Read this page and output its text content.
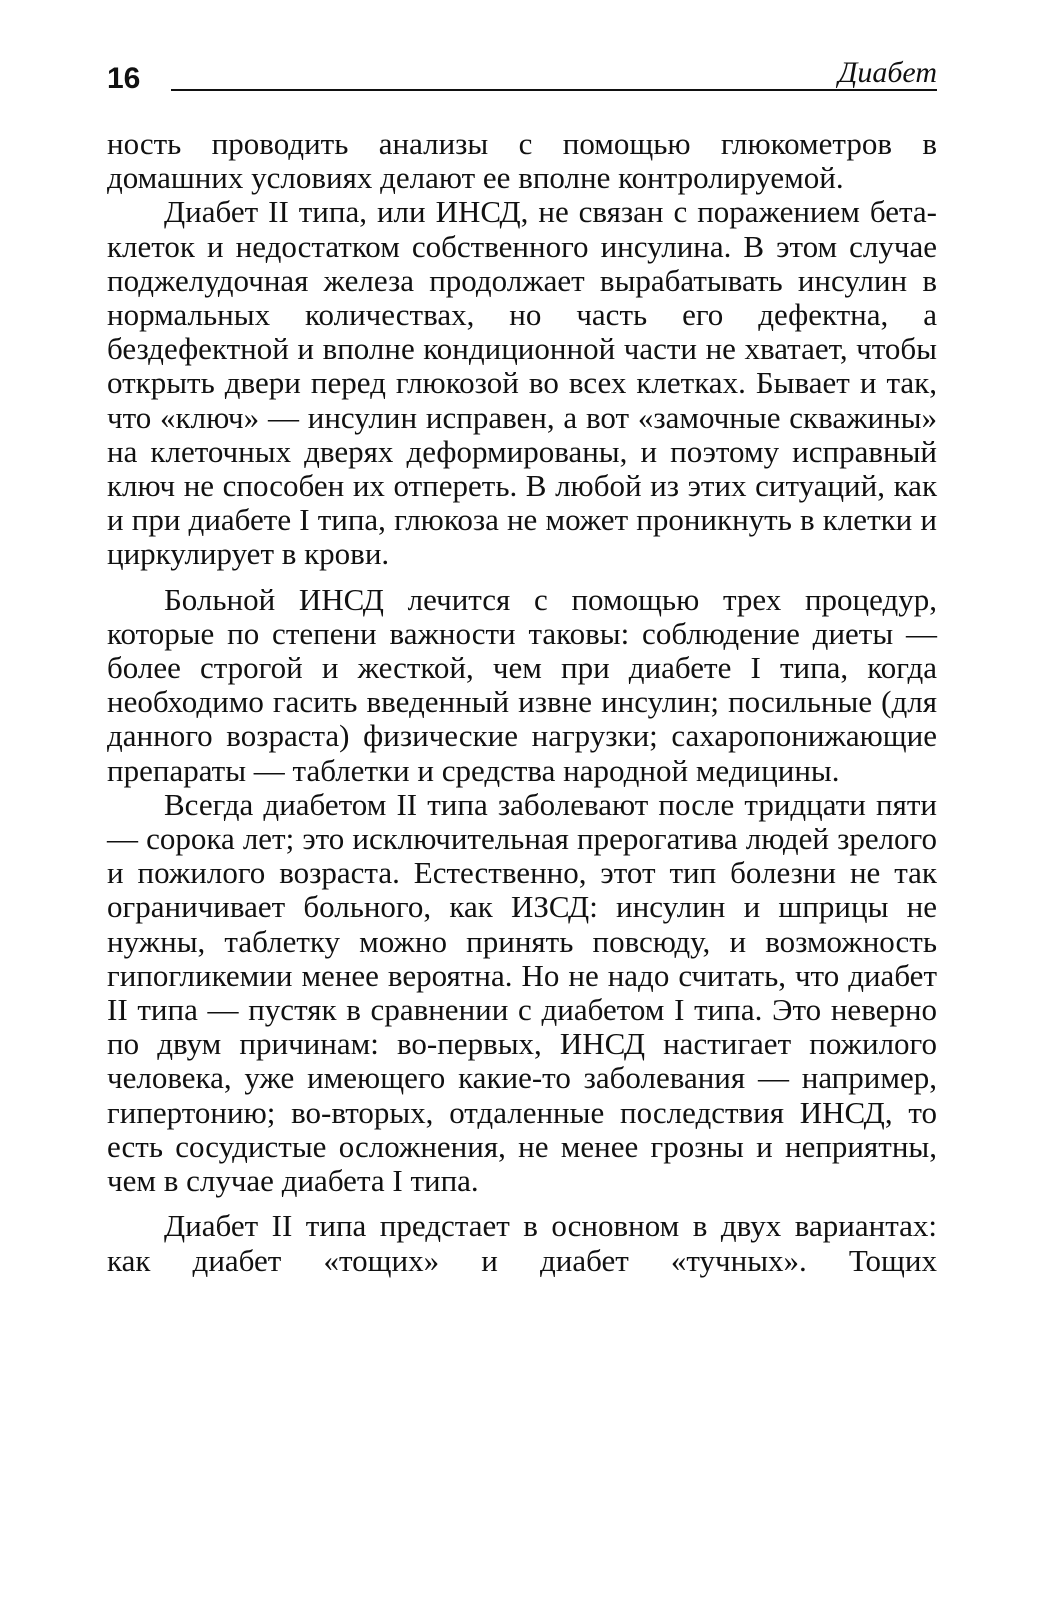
16	Диабет

ность проводить анализы с помощью глюкометров в домашних условиях делают ее вполне контролируемой.

Диабет II типа, или ИНСД, не связан с поражением бета-клеток и недостатком собственного инсулина. В этом случае поджелудочная железа продолжает вырабатывать инсулин в нормальных количествах, но часть его дефектна, а бездефектной и вполне кондиционной части не хватает, чтобы открыть двери перед глюкозой во всех клетках. Бывает и так, что «ключ» — инсулин исправен, а вот «замочные скважины» на клеточных дверях деформированы, и поэтому исправный ключ не способен их отпереть. В любой из этих ситуаций, как и при диабете I типа, глюкоза не может проникнуть в клетки и циркулирует в крови.

Больной ИНСД лечится с помощью трех процедур, которые по степени важности таковы: соблюдение диеты — более строгой и жесткой, чем при диабете I типа, когда необходимо гасить введенный извне инсулин; посильные (для данного возраста) физические нагрузки; сахаропонижающие препараты — таблетки и средства народной медицины.

Всегда диабетом II типа заболевают после тридцати пяти — сорока лет; это исключительная прерогатива людей зрелого и пожилого возраста. Естественно, этот тип болезни не так ограничивает больного, как ИЗСД: инсулин и шприцы не нужны, таблетку можно принять повсюду, и возможность гипогликемии менее вероятна. Но не надо считать, что диабет II типа — пустяк в сравнении с диабетом I типа. Это неверно по двум причинам: во-первых, ИНСД настигает пожилого человека, уже имеющего какие-то заболевания — например, гипертонию; во-вторых, отдаленные последствия ИНСД, то есть сосудистые осложнения, не менее грозны и неприятны, чем в случае диабета I типа.

Диабет II типа предстает в основном в двух вариантах: как диабет «тощих» и диабет «тучных». Тощих
